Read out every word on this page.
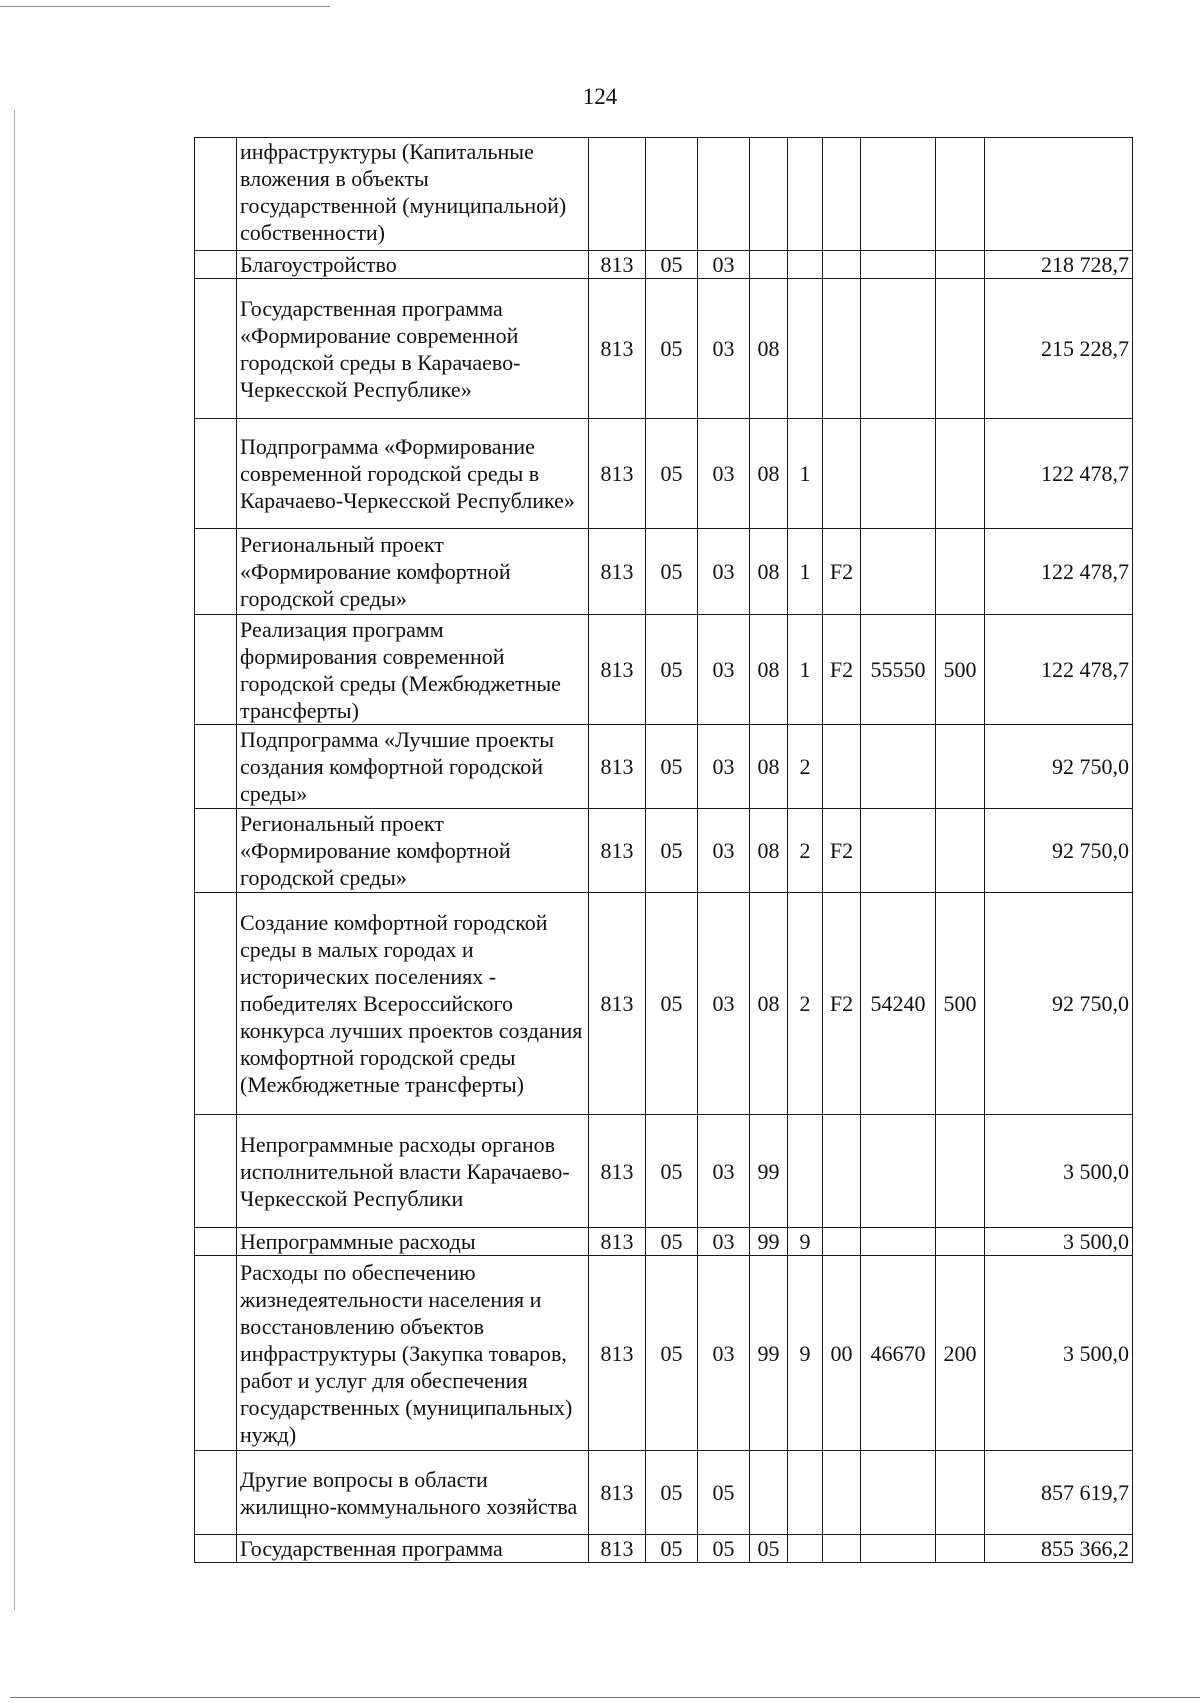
124
	инфраструктуры (Капитальные вложения в объекты государственной (муниципальной) собственности)									
	Благоустройство	813	05	03						218 728,7
	Государственная программа «Формирование современной городской среды в Карачаево-Черкесской Республике»	813	05	03	08					215 228,7
	Подпрограмма «Формирование современной городской среды в Карачаево-Черкесской Республике»	813	05	03	08	1				122 478,7
	Региональный проект «Формирование комфортной городской среды»	813	05	03	08	1	F2			122 478,7
	Реализация программ формирования современной городской среды (Межбюджетные трансферты)	813	05	03	08	1	F2	55550	500	122 478,7
	Подпрограмма «Лучшие проекты создания комфортной городской среды»	813	05	03	08	2				92 750,0
	Региональный проект «Формирование комфортной городской среды»	813	05	03	08	2	F2			92 750,0
	Создание комфортной городской среды в малых городах и исторических поселениях - победителях Всероссийского конкурса лучших проектов создания комфортной городской среды (Межбюджетные трансферты)	813	05	03	08	2	F2	54240	500	92 750,0
	Непрограммные расходы органов исполнительной власти Карачаево-Черкесской Республики	813	05	03	99					3 500,0
	Непрограммные расходы	813	05	03	99	9				3 500,0
	Расходы по обеспечению жизнедеятельности населения и восстановлению объектов инфраструктуры (Закупка товаров, работ и услуг для обеспечения государственных (муниципальных) нужд)	813	05	03	99	9	00	46670	200	3 500,0
	Другие вопросы в области жилищно-коммунального хозяйства	813	05	05						857 619,7
	Государственная программа	813	05	05	05					855 366,2
